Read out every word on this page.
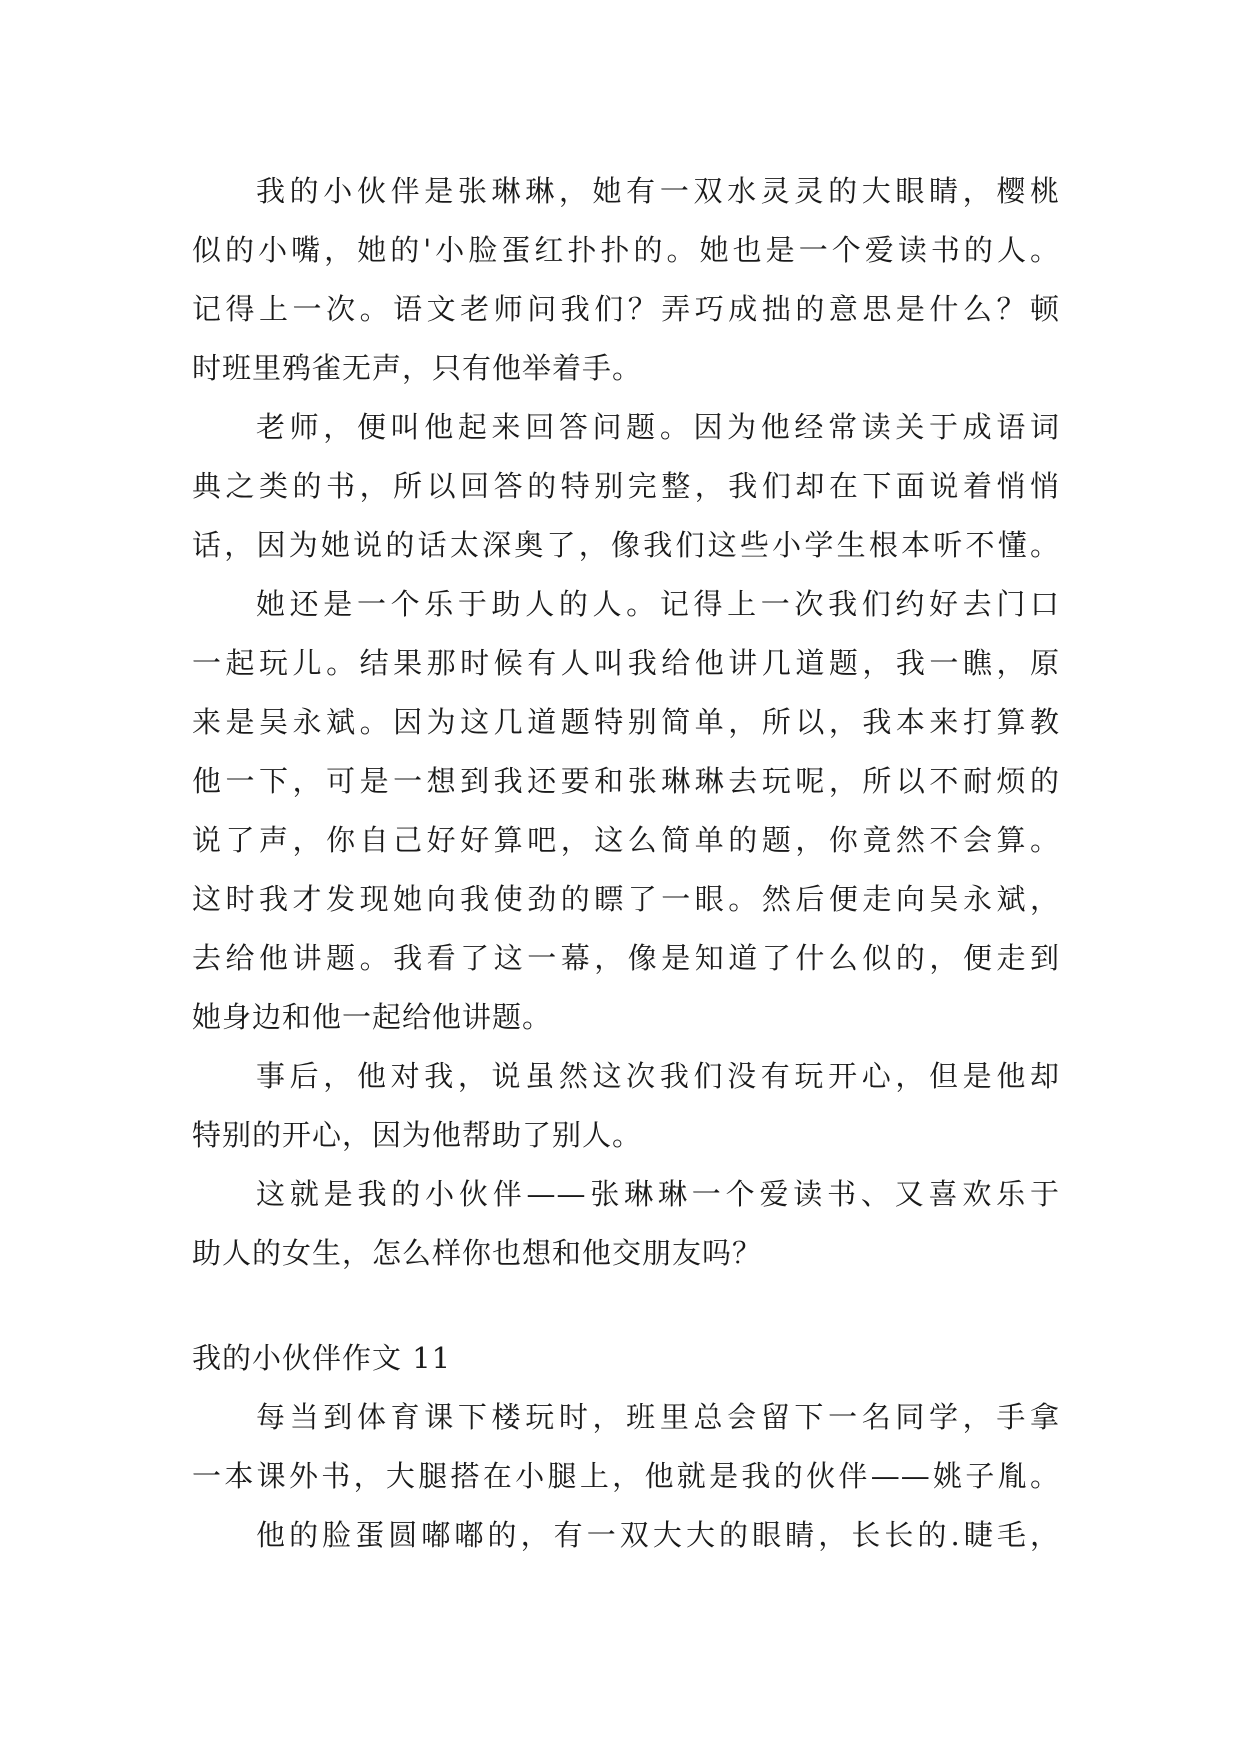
我的小伙伴是张琳琳，她有一双水灵灵的大眼睛，樱桃
似的小嘴，她的'小脸蛋红扑扑的。她也是一个爱读书的人。
记得上一次。语文老师问我们？弄巧成拙的意思是什么？顿
时班里鸦雀无声，只有他举着手。
老师，便叫他起来回答问题。因为他经常读关于成语词
典之类的书，所以回答的特别完整，我们却在下面说着悄悄
话，因为她说的话太深奥了，像我们这些小学生根本听不懂。
她还是一个乐于助人的人。记得上一次我们约好去门口
一起玩儿。结果那时候有人叫我给他讲几道题，我一瞧，原
来是吴永斌。因为这几道题特别简单，所以，我本来打算教
他一下，可是一想到我还要和张琳琳去玩呢，所以不耐烦的
说了声，你自己好好算吧，这么简单的题，你竟然不会算。
这时我才发现她向我使劲的瞟了一眼。然后便走向吴永斌，
去给他讲题。我看了这一幕，像是知道了什么似的，便走到
她身边和他一起给他讲题。
事后，他对我，说虽然这次我们没有玩开心，但是他却
特别的开心，因为他帮助了别人。
这就是我的小伙伴——张琳琳一个爱读书、又喜欢乐于
助人的女生，怎么样你也想和他交朋友吗？
我的小伙伴作文 11
每当到体育课下楼玩时，班里总会留下一名同学，手拿
一本课外书，大腿搭在小腿上，他就是我的伙伴——姚子胤。
他的脸蛋圆嘟嘟的，有一双大大的眼睛，长长的.睫毛，
